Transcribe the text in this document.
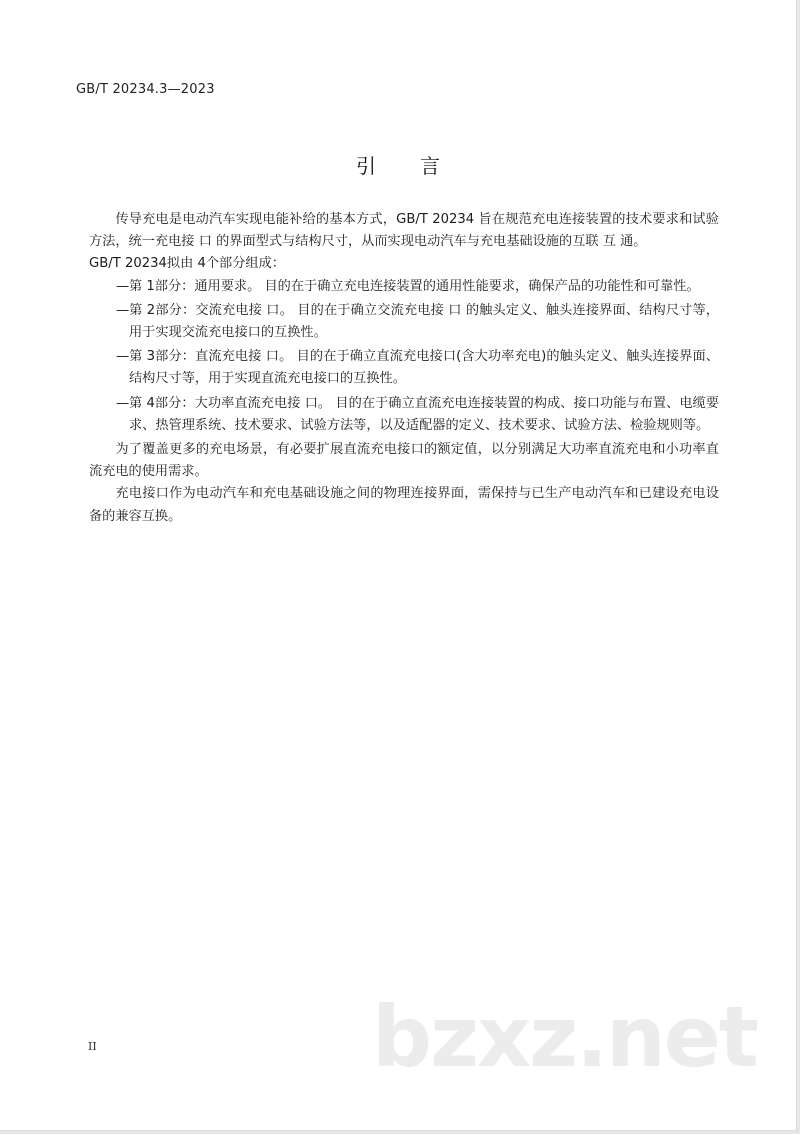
GB/T 20234.3—2023
引 言

传导充电是电动汽车实现电能补给的基本方式，GB/T 20234 旨在规范充电连接装置的技术要求和试验方法，统一充电接 口 的界面型式与结构尺寸，从而实现电动汽车与充电基础设施的互联 互 通。

GB/T 20234拟由 4个部分组成：

—第 1部分：通用要求。 目的在于确立充电连接装置的通用性能要求，确保产品的功能性和可靠性。

—第 2部分：交流充电接 口。 目的在于确立交流充电接 口 的触头定义、触头连接界面、结构尺寸等，用于实现交流充电接口的互换性。

—第 3部分：直流充电接 口。 目的在于确立直流充电接口(含大功率充电)的触头定义、触头连接界面、结构尺寸等，用于实现直流充电接口的互换性。

—第 4部分：大功率直流充电接 口。 目的在于确立直流充电连接装置的构成、接口功能与布置、电缆要求、热管理系统、技术要求、试验方法等，以及适配器的定义、技术要求、试验方法、检验规则等。

为了覆盖更多的充电场景，有必要扩展直流充电接口的额定值，以分别满足大功率直流充电和小功率直流充电的使用需求。

充电接口作为电动汽车和充电基础设施之间的物理连接界面，需保持与已生产电动汽车和已建设充电设备的兼容互换。

II	bzxz.net
